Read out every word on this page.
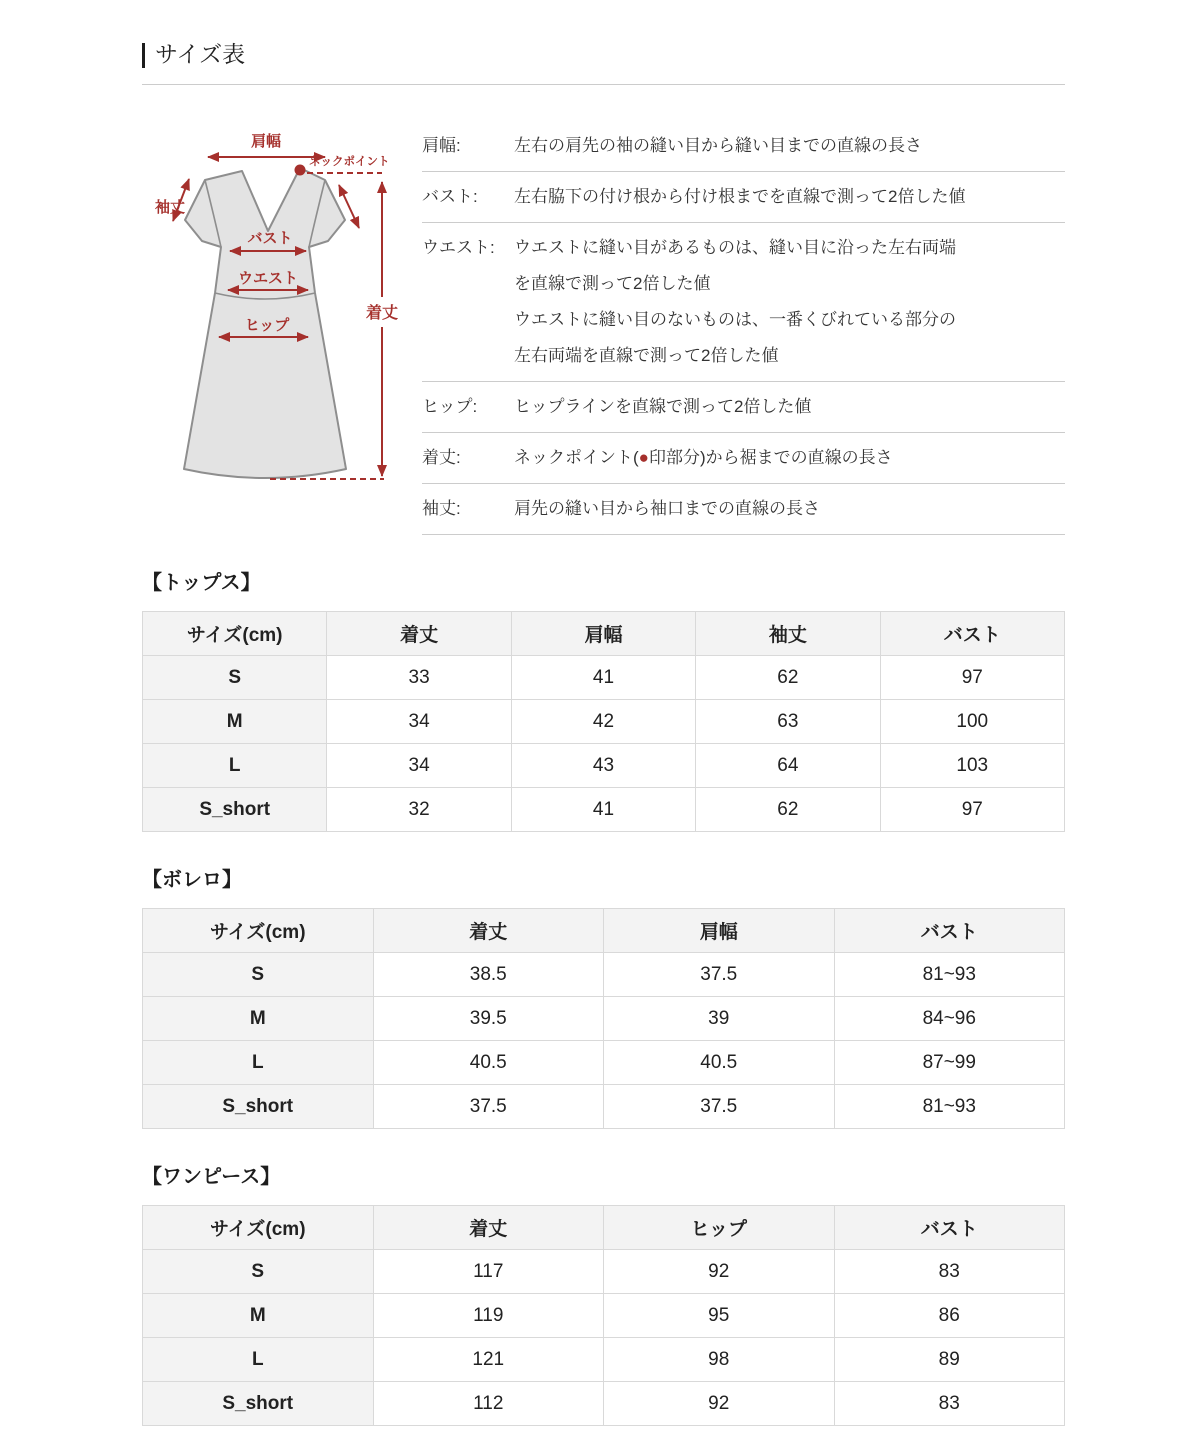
サイズ表
肩幅
ネックポイント
袖丈
バスト
ウエスト
ヒップ
着丈
肩幅:	左右の肩先の袖の縫い目から縫い目までの直線の長さ
バスト:	左右脇下の付け根から付け根までを直線で測って2倍した値
ウエスト:	ウエストに縫い目があるものは、縫い目に沿った左右両端
を直線で測って2倍した値
ウエストに縫い目のないものは、一番くびれている部分の
左右両端を直線で測って2倍した値
ヒップ:	ヒップラインを直線で測って2倍した値
着丈:	ネックポイント(●印部分)から裾までの直線の長さ
袖丈:	肩先の縫い目から袖口までの直線の長さ
【トップス】
サイズ(cm)	着丈	肩幅	袖丈	バスト
S	33	41	62	97
M	34	42	63	100
L	34	43	64	103
S_short	32	41	62	97
【ボレロ】
サイズ(cm)	着丈	肩幅	バスト
S	38.5	37.5	81~93
M	39.5	39	84~96
L	40.5	40.5	87~99
S_short	37.5	37.5	81~93
【ワンピース】
サイズ(cm)	着丈	ヒップ	バスト
S	117	92	83
M	119	95	86
L	121	98	89
S_short	112	92	83
